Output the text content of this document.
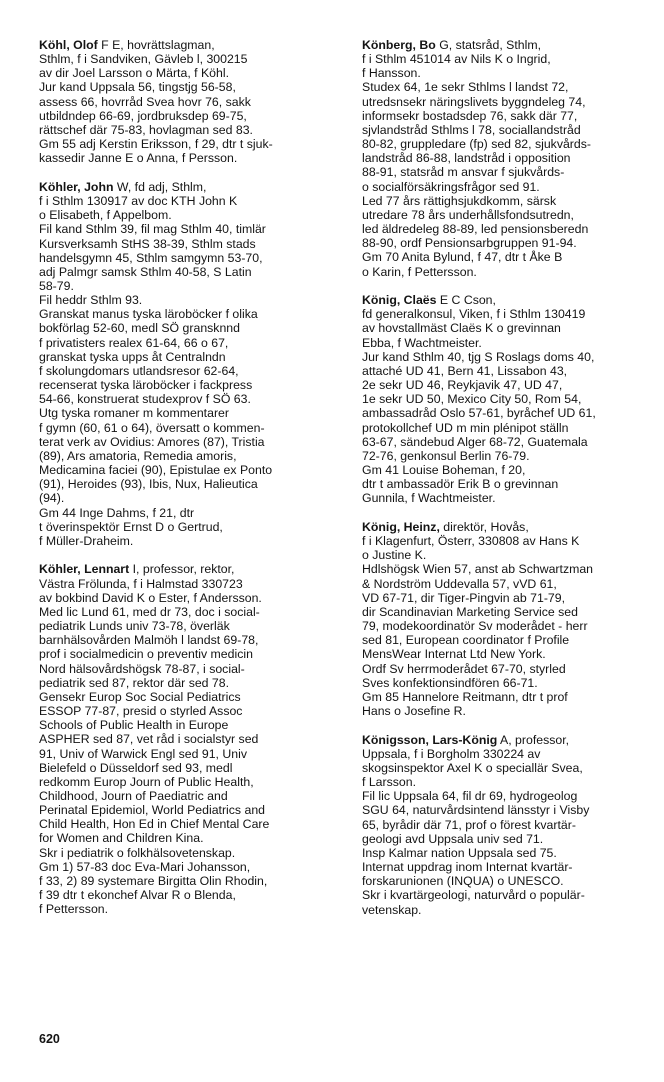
Köhl, Olof F E, hovrättslagman,
Sthlm, f i Sandviken, Gävleb l, 300215
av dir Joel Larsson o Märta, f Köhl.
Jur kand Uppsala 56, tingstjg 56-58,
assess 66, hovrråd Svea hovr 76, sakk
utbildndep 66-69, jordbruksdep 69-75,
rättschef där 75-83, hovlagman sed 83.
Gm 55 adj Kerstin Eriksson, f 29, dtr t sjuk-
kassedir Janne E o Anna, f Persson.
Köhler, John W, fd adj, Sthlm,
f i Sthlm 130917 av doc KTH John K
o Elisabeth, f Appelbom.
Fil kand Sthlm 39, fil mag Sthlm 40, timlär
Kursverksamh StHS 38-39, Sthlm stads
handelsgymn 45, Sthlm samgymn 53-70,
adj Palmgr samsk Sthlm 40-58, S Latin
58-79.
Fil heddr Sthlm 93.
Granskat manus tyska läroböcker f olika
bokförlag 52-60, medl SÖ gransknnd
f privatisters realex 61-64, 66 o 67,
granskat tyska upps åt Centralndn
f skolungdomars utlandsresor 62-64,
recenserat tyska läroböcker i fackpress
54-66, konstruerat studexprov f SÖ 63.
Utg tyska romaner m kommentarer
f gymn (60, 61 o 64), översatt o kommen-
terat verk av Ovidius: Amores (87), Tristia
(89), Ars amatoria, Remedia amoris,
Medicamina faciei (90), Epistulae ex Ponto
(91), Heroides (93), Ibis, Nux, Halieutica
(94).
Gm 44 Inge Dahms, f 21, dtr
t överinspektör Ernst D o Gertrud,
f Müller-Draheim.
Köhler, Lennart I, professor, rektor,
Västra Frölunda, f i Halmstad 330723
av bokbind David K o Ester, f Andersson.
Med lic Lund 61, med dr 73, doc i social-
pediatrik Lunds univ 73-78, överläk
barnhälsovården Malmöh l landst 69-78,
prof i socialmedicin o preventiv medicin
Nord hälsovårdshögsk 78-87, i social-
pediatrik sed 87, rektor där sed 78.
Gensekr Europ Soc Social Pediatrics
ESSOP 77-87, presid o styrled Assoc
Schools of Public Health in Europe
ASPHER sed 87, vet råd i socialstyr sed
91, Univ of Warwick Engl sed 91, Univ
Bielefeld o Düsseldorf sed 93, medl
redkomm Europ Journ of Public Health,
Childhood, Journ of Paediatric and
Perinatal Epidemiol, World Pediatrics and
Child Health, Hon Ed in Chief Mental Care
for Women and Children Kina.
Skr i pediatrik o folkhälsovetenskap.
Gm 1) 57-83 doc Eva-Mari Johansson,
f 33, 2) 89 systemare Birgitta Olin Rhodin,
f 39 dtr t ekonchef Alvar R o Blenda,
f Pettersson.
Könberg, Bo G, statsråd, Sthlm,
f i Sthlm 451014 av Nils K o Ingrid,
f Hansson.
Studex 64, 1e sekr Sthlms l landst 72,
utredsnsekr näringslivets byggndeleg 74,
informsekr bostadsdep 76, sakk där 77,
sjvlandstråd Sthlms l 78, sociallandstråd
80-82, gruppledare (fp) sed 82, sjukvårds-
landstråd 86-88, landstråd i opposition
88-91, statsråd m ansvar f sjukvårds-
o socialförsäkringsfrågor sed 91.
Led 77 års rättighsjukdkomm, särsk
utredare 78 års underhållsfondsutredn,
led äldredeleg 88-89, led pensionsberedn
88-90, ordf Pensionsarbgruppen 91-94.
Gm 70 Anita Bylund, f 47, dtr t Åke B
o Karin, f Pettersson.
König, Claës E C Cson,
fd generalkonsul, Viken, f i Sthlm 130419
av hovstallmäst Claës K o grevinnan
Ebba, f Wachtmeister.
Jur kand Sthlm 40, tjg S Roslags doms 40,
attaché UD 41, Bern 41, Lissabon 43,
2e sekr UD 46, Reykjavik 47, UD 47,
1e sekr UD 50, Mexico City 50, Rom 54,
ambassadråd Oslo 57-61, byråchef UD 61,
protokollchef UD m min plénipot ställn
63-67, sändebud Alger 68-72, Guatemala
72-76, genkonsul Berlin 76-79.
Gm 41 Louise Boheman, f 20,
dtr t ambassadör Erik B o grevinnan
Gunnila, f Wachtmeister.
König, Heinz, direktör, Hovås,
f i Klagenfurt, Österr, 330808 av Hans K
o Justine K.
Hdlshögsk Wien 57, anst ab Schwartzman
& Nordström Uddevalla 57, vVD 61,
VD 67-71, dir Tiger-Pingvin ab 71-79,
dir Scandinavian Marketing Service sed
79, modekoordinatör Sv moderådet - herr
sed 81, European coordinator f Profile
MensWear Internat Ltd New York.
Ordf Sv herrmoderådet 67-70, styrled
Sves konfektionsindfören 66-71.
Gm 85 Hannelore Reitmann, dtr t prof
Hans o Josefine R.
Königsson, Lars-König A, professor,
Uppsala, f i Borgholm 330224 av
skogsinspektor Axel K o speciallär Svea,
f Larsson.
Fil lic Uppsala 64, fil dr 69, hydrogeolog
SGU 64, naturvårdsintend länsstyr i Visby
65, byrådir där 71, prof o förest kvartär-
geologi avd Uppsala univ sed 71.
Insp Kalmar nation Uppsala sed 75.
Internat uppdrag inom Internat kvartär-
forskarunionen (INQUA) o UNESCO.
Skr i kvartärgeologi, naturvård o populär-
vetenskap.
620
